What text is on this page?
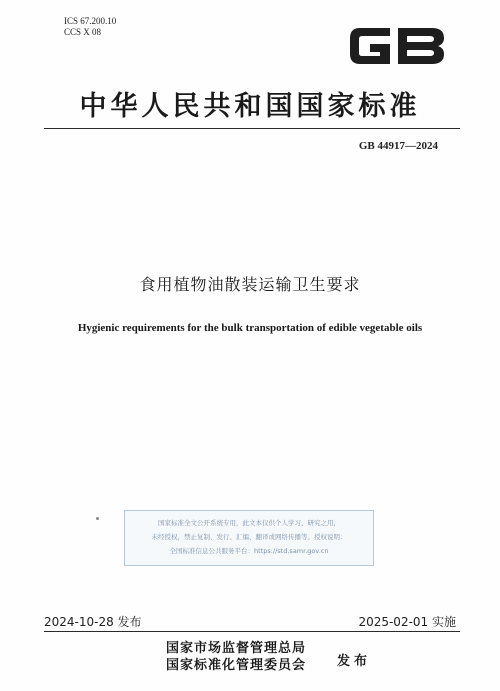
ICS 67.200.10
CCS X 08
中华人民共和国国家标准
GB 44917—2024
食用植物油散装运输卫生要求
Hygienic requirements for the bulk transportation of edible vegetable oils
国家标准全文公开系统专用，此文本仅供个人学习、研究之用，
未经授权，禁止复制、发行、汇编、翻译或网络传播等。授权说明：
全国标准信息公共服务平台：https://std.samr.gov.cn
2024-10-28 发布	2025-02-01 实施
国家市场监督管理总局
国家标准化管理委员会 发布
